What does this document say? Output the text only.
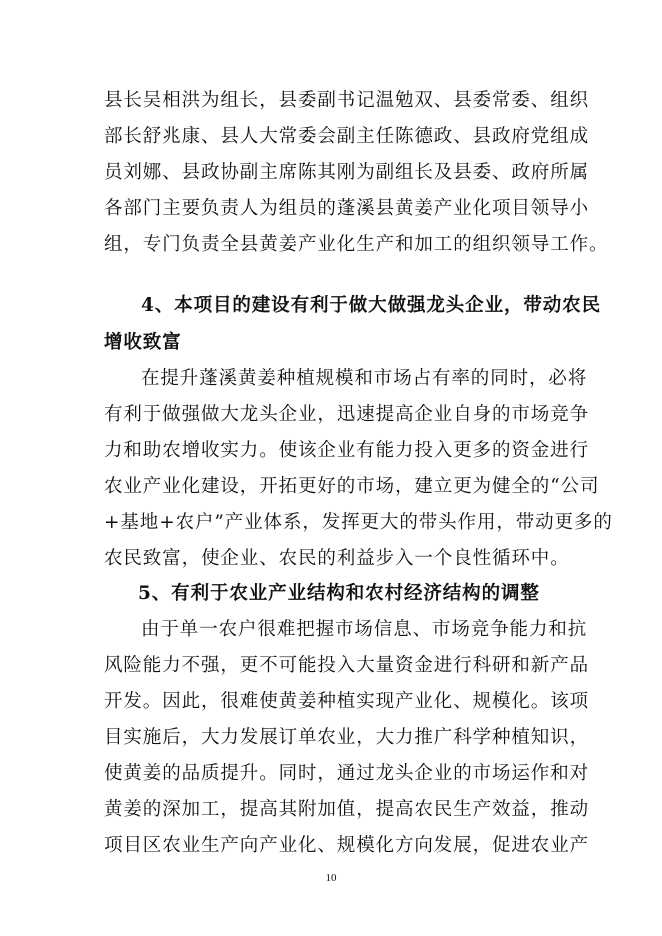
县长吴相洪为组长，县委副书记温勉双、县委常委、组织
部长舒兆康、县人大常委会副主任陈德政、县政府党组成
员刘娜、县政协副主席陈其刚为副组长及县委、政府所属
各部门主要负责人为组员的蓬溪县黄姜产业化项目领导小
组，专门负责全县黄姜产业化生产和加工的组织领导工作。
4、本项目的建设有利于做大做强龙头企业，带动农民
增收致富
在提升蓬溪黄姜种植规模和市场占有率的同时，必将
有利于做强做大龙头企业，迅速提高企业自身的市场竞争
力和助农增收实力。使该企业有能力投入更多的资金进行
农业产业化建设，开拓更好的市场，建立更为健全的“公司
+基地+农户”产业体系，发挥更大的带头作用，带动更多的
农民致富，使企业、农民的利益步入一个良性循环中。
5、有利于农业产业结构和农村经济结构的调整
由于单一农户很难把握市场信息、市场竞争能力和抗
风险能力不强，更不可能投入大量资金进行科研和新产品
开发。因此，很难使黄姜种植实现产业化、规模化。该项
目实施后，大力发展订单农业，大力推广科学种植知识，
使黄姜的品质提升。同时，通过龙头企业的市场运作和对
黄姜的深加工，提高其附加值，提高农民生产效益，推动
项目区农业生产向产业化、规模化方向发展，促进农业产
10
